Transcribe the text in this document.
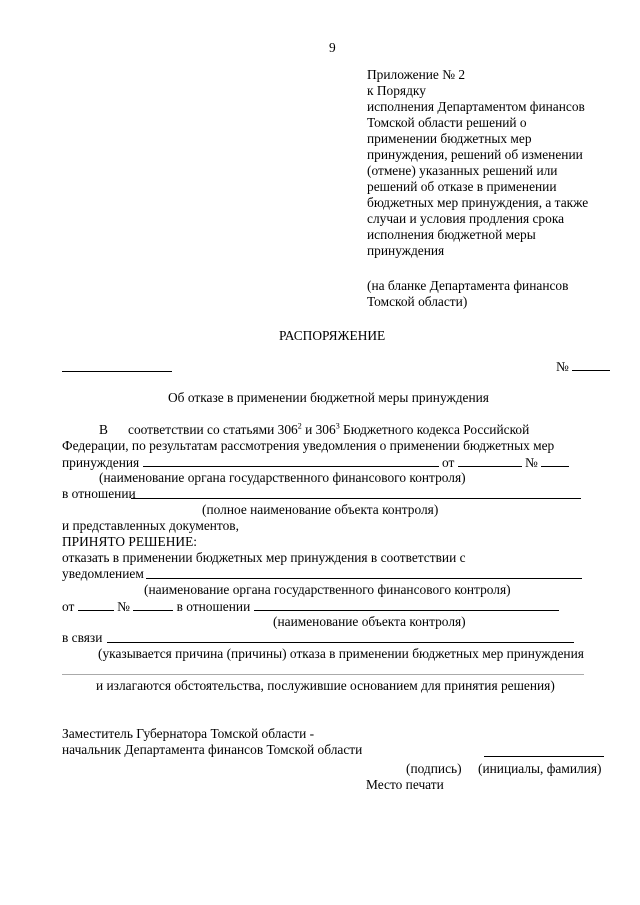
9
Приложение № 2
к Порядку
исполнения Департаментом финансов
Томской области решений о
применении бюджетных мер
принуждения, решений об изменении
(отмене) указанных решений или
решений об отказе в применении
бюджетных мер принуждения, а также
случаи и условия продления срока
исполнения бюджетной меры
принуждения
(на бланке Департамента финансов
Томской области)
РАСПОРЯЖЕНИЕ
№
Об отказе в применении бюджетной меры принуждения
В соответствии со статьями $306^2$ и $306^3$ Бюджетного кодекса Российской
Федерации, по результатам рассмотрения уведомления о применении бюджетных мер
принуждения	от	№
(наименование органа государственного финансового контроля)
в отношении
(полное наименование объекта контроля)
и представленных документов,
ПРИНЯТО РЕШЕНИЕ:
отказать в применении бюджетных мер принуждения в соответствии с
уведомлением
(наименование органа государственного финансового контроля)
от	№	в отношении
(наименование объекта контроля)
в связи
(указывается причина (причины) отказа в применении бюджетных мер принуждения
и излагаются обстоятельства, послужившие основанием для принятия решения)
Заместитель Губернатора Томской области -
начальник Департамента финансов Томской области
(подпись) (инициалы, фамилия)
Место печати
